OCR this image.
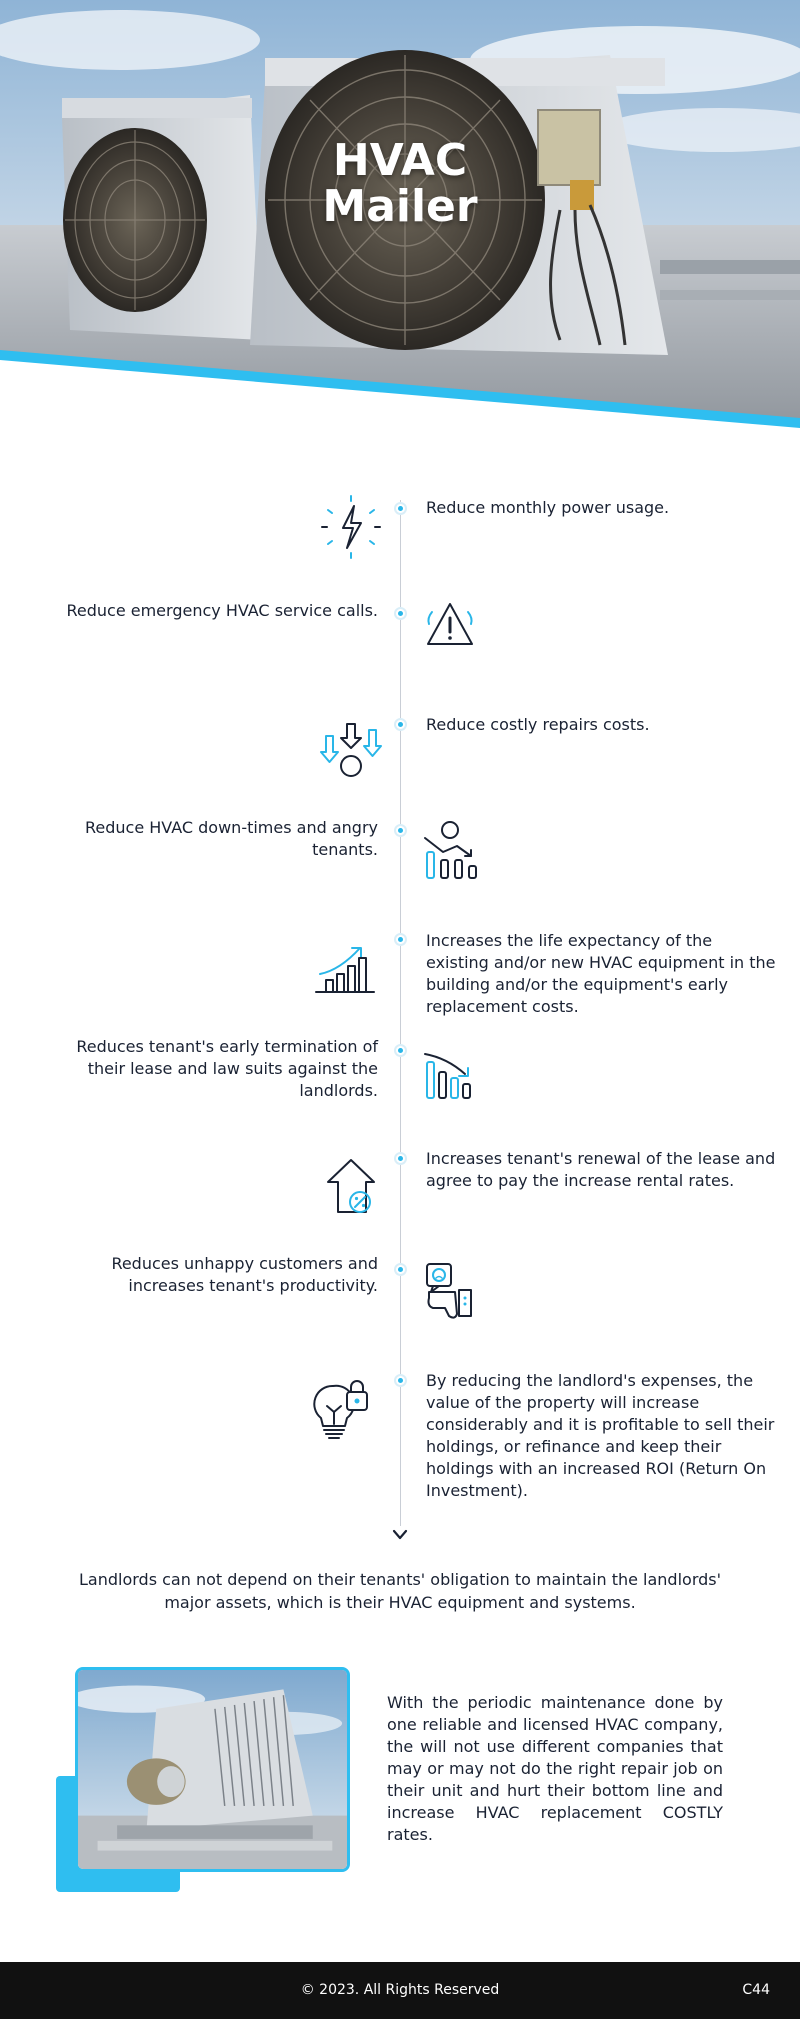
HVAC
Mailer
Reduce monthly power usage.
Reduce emergency HVAC service calls.
Reduce costly repairs costs.
Reduce HVAC down-times and angry tenants.
Increases the life expectancy of the existing and/or new HVAC equipment in the building and/or the equipment's early replacement costs.
Reduces tenant's early termination of their lease and law suits against the landlords.
Increases tenant's renewal of the lease and agree to pay the increase rental rates.
Reduces unhappy customers and increases tenant's productivity.
By reducing the landlord's expenses, the value of the property will increase considerably and it is profitable to sell their holdings, or refinance and keep their holdings with an increased ROI (Return On Investment).
Landlords can not depend on their tenants' obligation to maintain the landlords' major assets, which is their HVAC equipment and systems.
With the periodic maintenance done by one reliable and licensed HVAC company, the will not use different companies that may or may not do the right repair job on their unit and hurt their bottom line and increase HVAC replacement COSTLY rates.
© 2023. All Rights Reserved	C44
